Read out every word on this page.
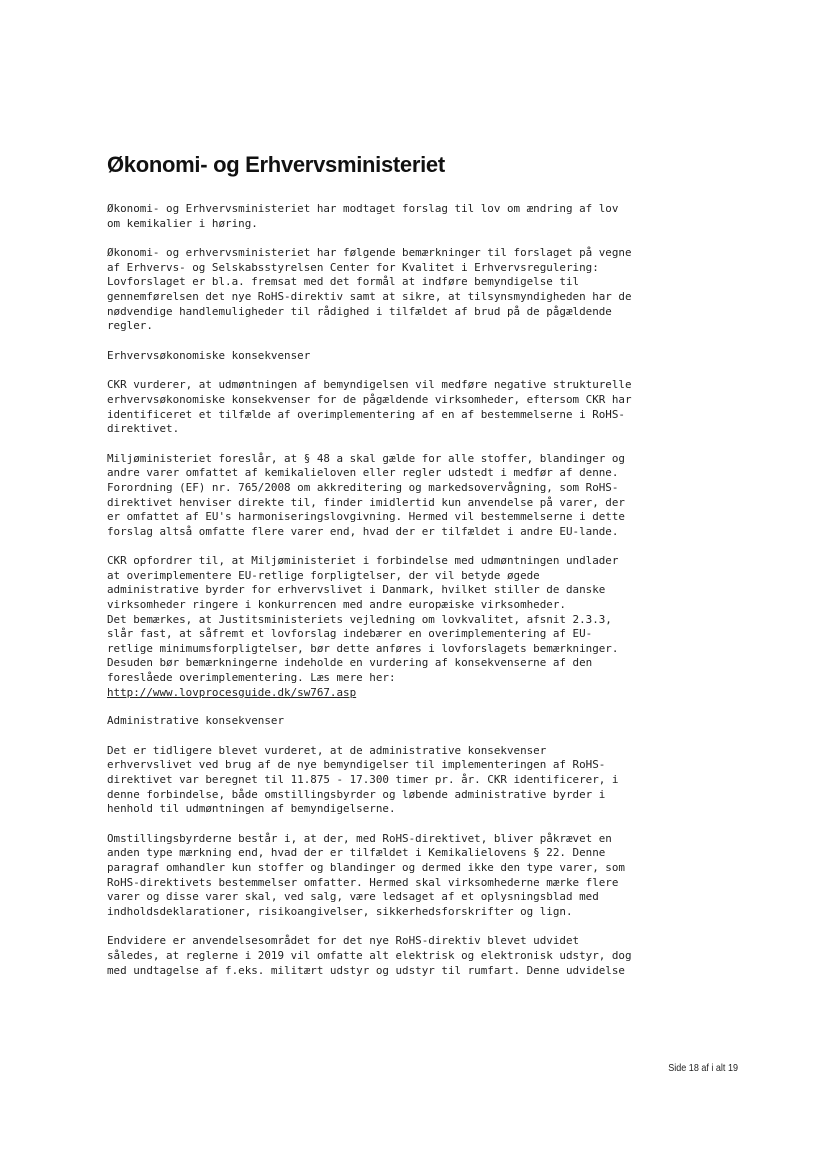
Økonomi- og Erhvervsministeriet

Økonomi- og Erhvervsministeriet har modtaget forslag til lov om ændring af lov
om kemikalier i høring.

Økonomi- og erhvervsministeriet har følgende bemærkninger til forslaget på vegne
af Erhvervs- og Selskabsstyrelsen Center for Kvalitet i Erhvervsregulering:
Lovforslaget er bl.a. fremsat med det formål at indføre bemyndigelse til
gennemførelsen det nye RoHS-direktiv samt at sikre, at tilsynsmyndigheden har de
nødvendige handlemuligheder til rådighed i tilfældet af brud på de pågældende
regler.

Erhvervsøkonomiske konsekvenser

CKR vurderer, at udmøntningen af bemyndigelsen vil medføre negative strukturelle
erhvervsøkonomiske konsekvenser for de pågældende virksomheder, eftersom CKR har
identificeret et tilfælde af overimplementering af en af bestemmelserne i RoHS-
direktivet.

Miljøministeriet foreslår, at § 48 a skal gælde for alle stoffer, blandinger og
andre varer omfattet af kemikalieloven eller regler udstedt i medfør af denne.
Forordning (EF) nr. 765/2008 om akkreditering og markedsovervågning, som RoHS-
direktivet henviser direkte til, finder imidlertid kun anvendelse på varer, der
er omfattet af EU's harmoniseringslovgivning. Hermed vil bestemmelserne i dette
forslag altså omfatte flere varer end, hvad der er tilfældet i andre EU-lande.

CKR opfordrer til, at Miljøministeriet i forbindelse med udmøntningen undlader
at overimplementere EU-retlige forpligtelser, der vil betyde øgede
administrative byrder for erhvervslivet i Danmark, hvilket stiller de danske
virksomheder ringere i konkurrencen med andre europæiske virksomheder.
Det bemærkes, at Justitsministeriets vejledning om lovkvalitet, afsnit 2.3.3,
slår fast, at såfremt et lovforslag indebærer en overimplementering af EU-
retlige minimumsforpligtelser, bør dette anføres i lovforslagets bemærkninger.
Desuden bør bemærkningerne indeholde en vurdering af konsekvenserne af den
foreslåede overimplementering. Læs mere her:

http://www.lovprocesguide.dk/sw767.asp

Administrative konsekvenser

Det er tidligere blevet vurderet, at de administrative konsekvenser
erhvervslivet ved brug af de nye bemyndigelser til implementeringen af RoHS-
direktivet var beregnet til 11.875 - 17.300 timer pr. år. CKR identificerer, i
denne forbindelse, både omstillingsbyrder og løbende administrative byrder i
henhold til udmøntningen af bemyndigelserne.

Omstillingsbyrderne består i, at der, med RoHS-direktivet, bliver påkrævet en
anden type mærkning end, hvad der er tilfældet i Kemikalielovens § 22. Denne
paragraf omhandler kun stoffer og blandinger og dermed ikke den type varer, som
RoHS-direktivets bestemmelser omfatter. Hermed skal virksomhederne mærke flere
varer og disse varer skal, ved salg, være ledsaget af et oplysningsblad med
indholdsdeklarationer, risikoangivelser, sikkerhedsforskrifter og lign.

Endvidere er anvendelsesområdet for det nye RoHS-direktiv blevet udvidet
således, at reglerne i 2019 vil omfatte alt elektrisk og elektronisk udstyr, dog
med undtagelse af f.eks. militært udstyr og udstyr til rumfart. Denne udvidelse

Side 18 af i alt 19
